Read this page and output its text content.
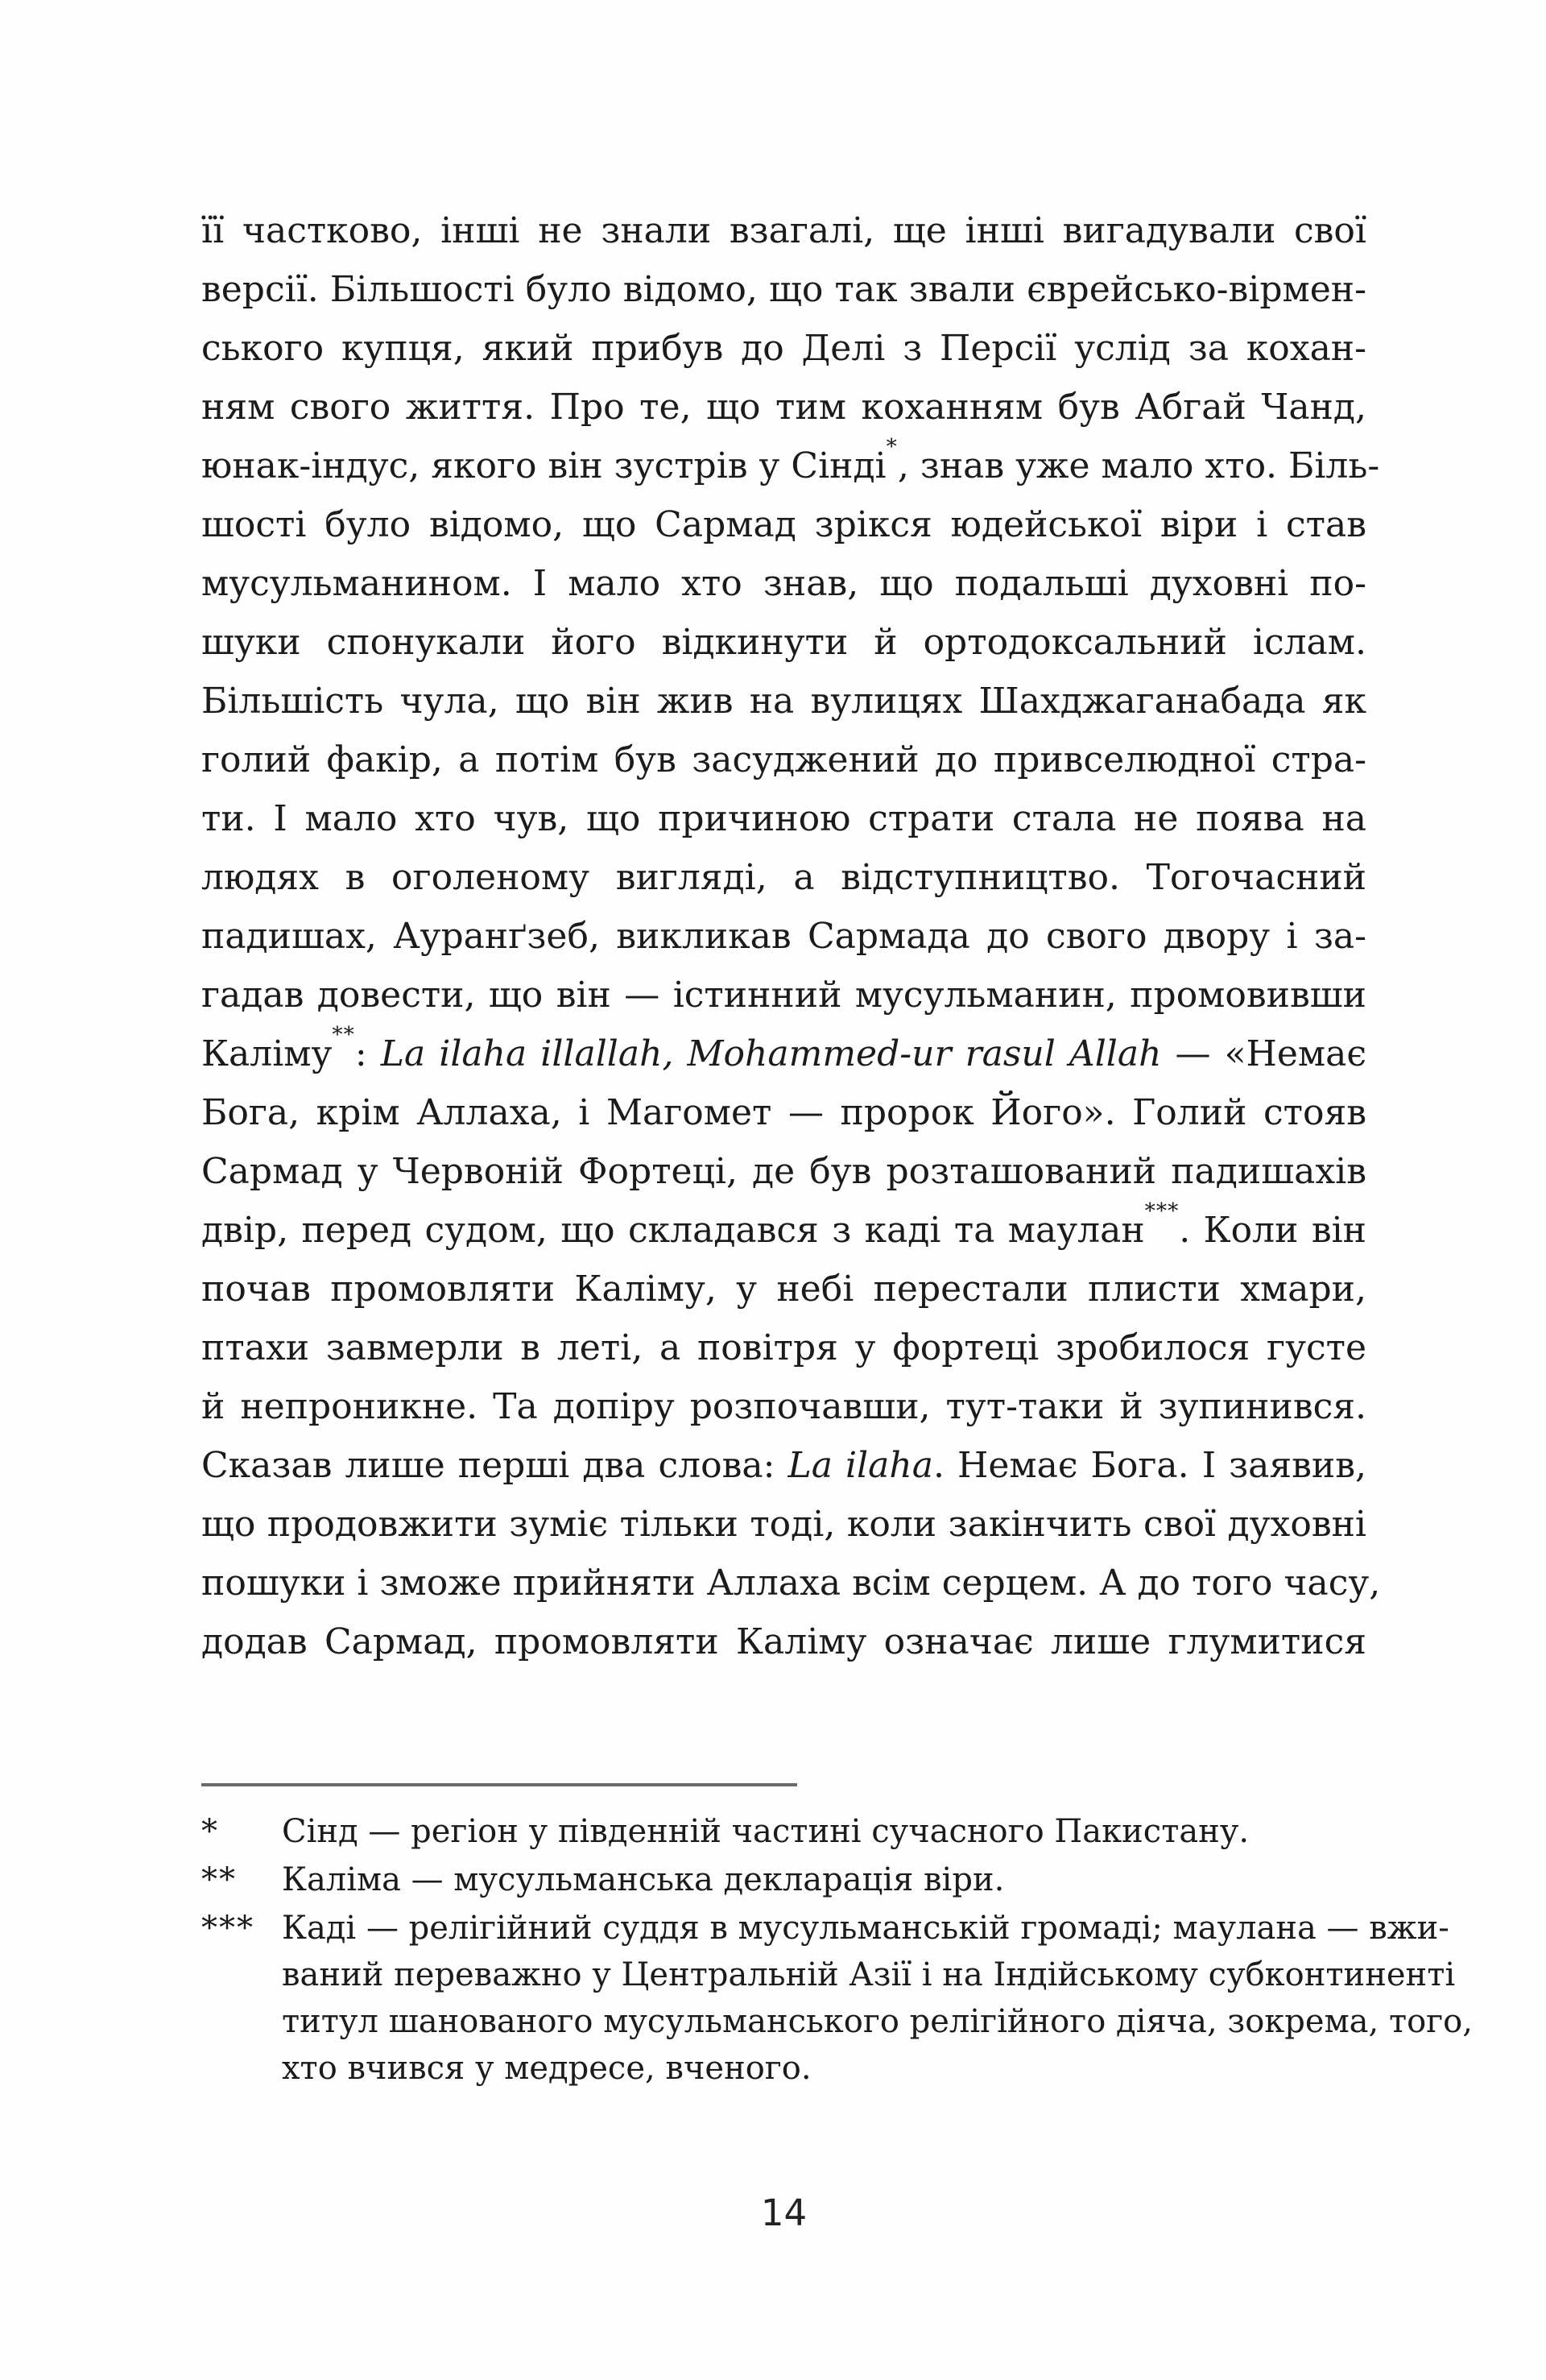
її частково, інші не знали взагалі, ще інші вигадували свої
версії. Більшості було відомо, що так звали єврейсько-вірмен-
ського купця, який прибув до Делі з Персії услід за кохан-
ням свого життя. Про те, що тим коханням був Абгай Чанд,
юнак-індус, якого він зустрів у Сінді*, знав уже мало хто. Біль-
шості було відомо, що Сармад зрікся юдейської віри і став
мусульманином. І мало хто знав, що подальші духовні по-
шуки спонукали його відкинути й ортодоксальний іслам.
Більшість чула, що він жив на вулицях Шахджаганабада як
голий факір, а потім був засуджений до привселюдної стра-
ти. І мало хто чув, що причиною страти стала не поява на
людях в оголеному вигляді, а відступництво. Тогочасний
падишах, Ауранґзеб, викликав Сармада до свого двору і за-
гадав довести, що він — істинний мусульманин, промовивши
Каліму**: La ilaha illallah, Mohammed-ur rasul Allah — «Немає
Бога, крім Аллаха, і Магомет — пророк Його». Голий стояв
Сармад у Червоній Фортеці, де був розташований падишахів
двір, перед судом, що складався з каді та маулан***. Коли він
почав промовляти Каліму, у небі перестали плисти хмари,
птахи завмерли в леті, а повітря у фортеці зробилося густе
й непроникне. Та допіру розпочавши, тут-таки й зупинився.
Сказав лише перші два слова: La ilaha. Немає Бога. І заявив,
що продовжити зуміє тільки тоді, коли закінчить свої духовні
пошуки і зможе прийняти Аллаха всім серцем. А до того часу,
додав Сармад, промовляти Каліму означає лише глумитися
* Сінд — регіон у південній частині сучасного Пакистану.
** Каліма — мусульманська декларація віри.
*** Каді — релігійний суддя в мусульманській громаді; маулана — вжи-
ваний переважно у Центральній Азії і на Індійському субконтиненті
титул шанованого мусульманського релігійного діяча, зокрема, того,
хто вчився у медресе, вченого.
14
